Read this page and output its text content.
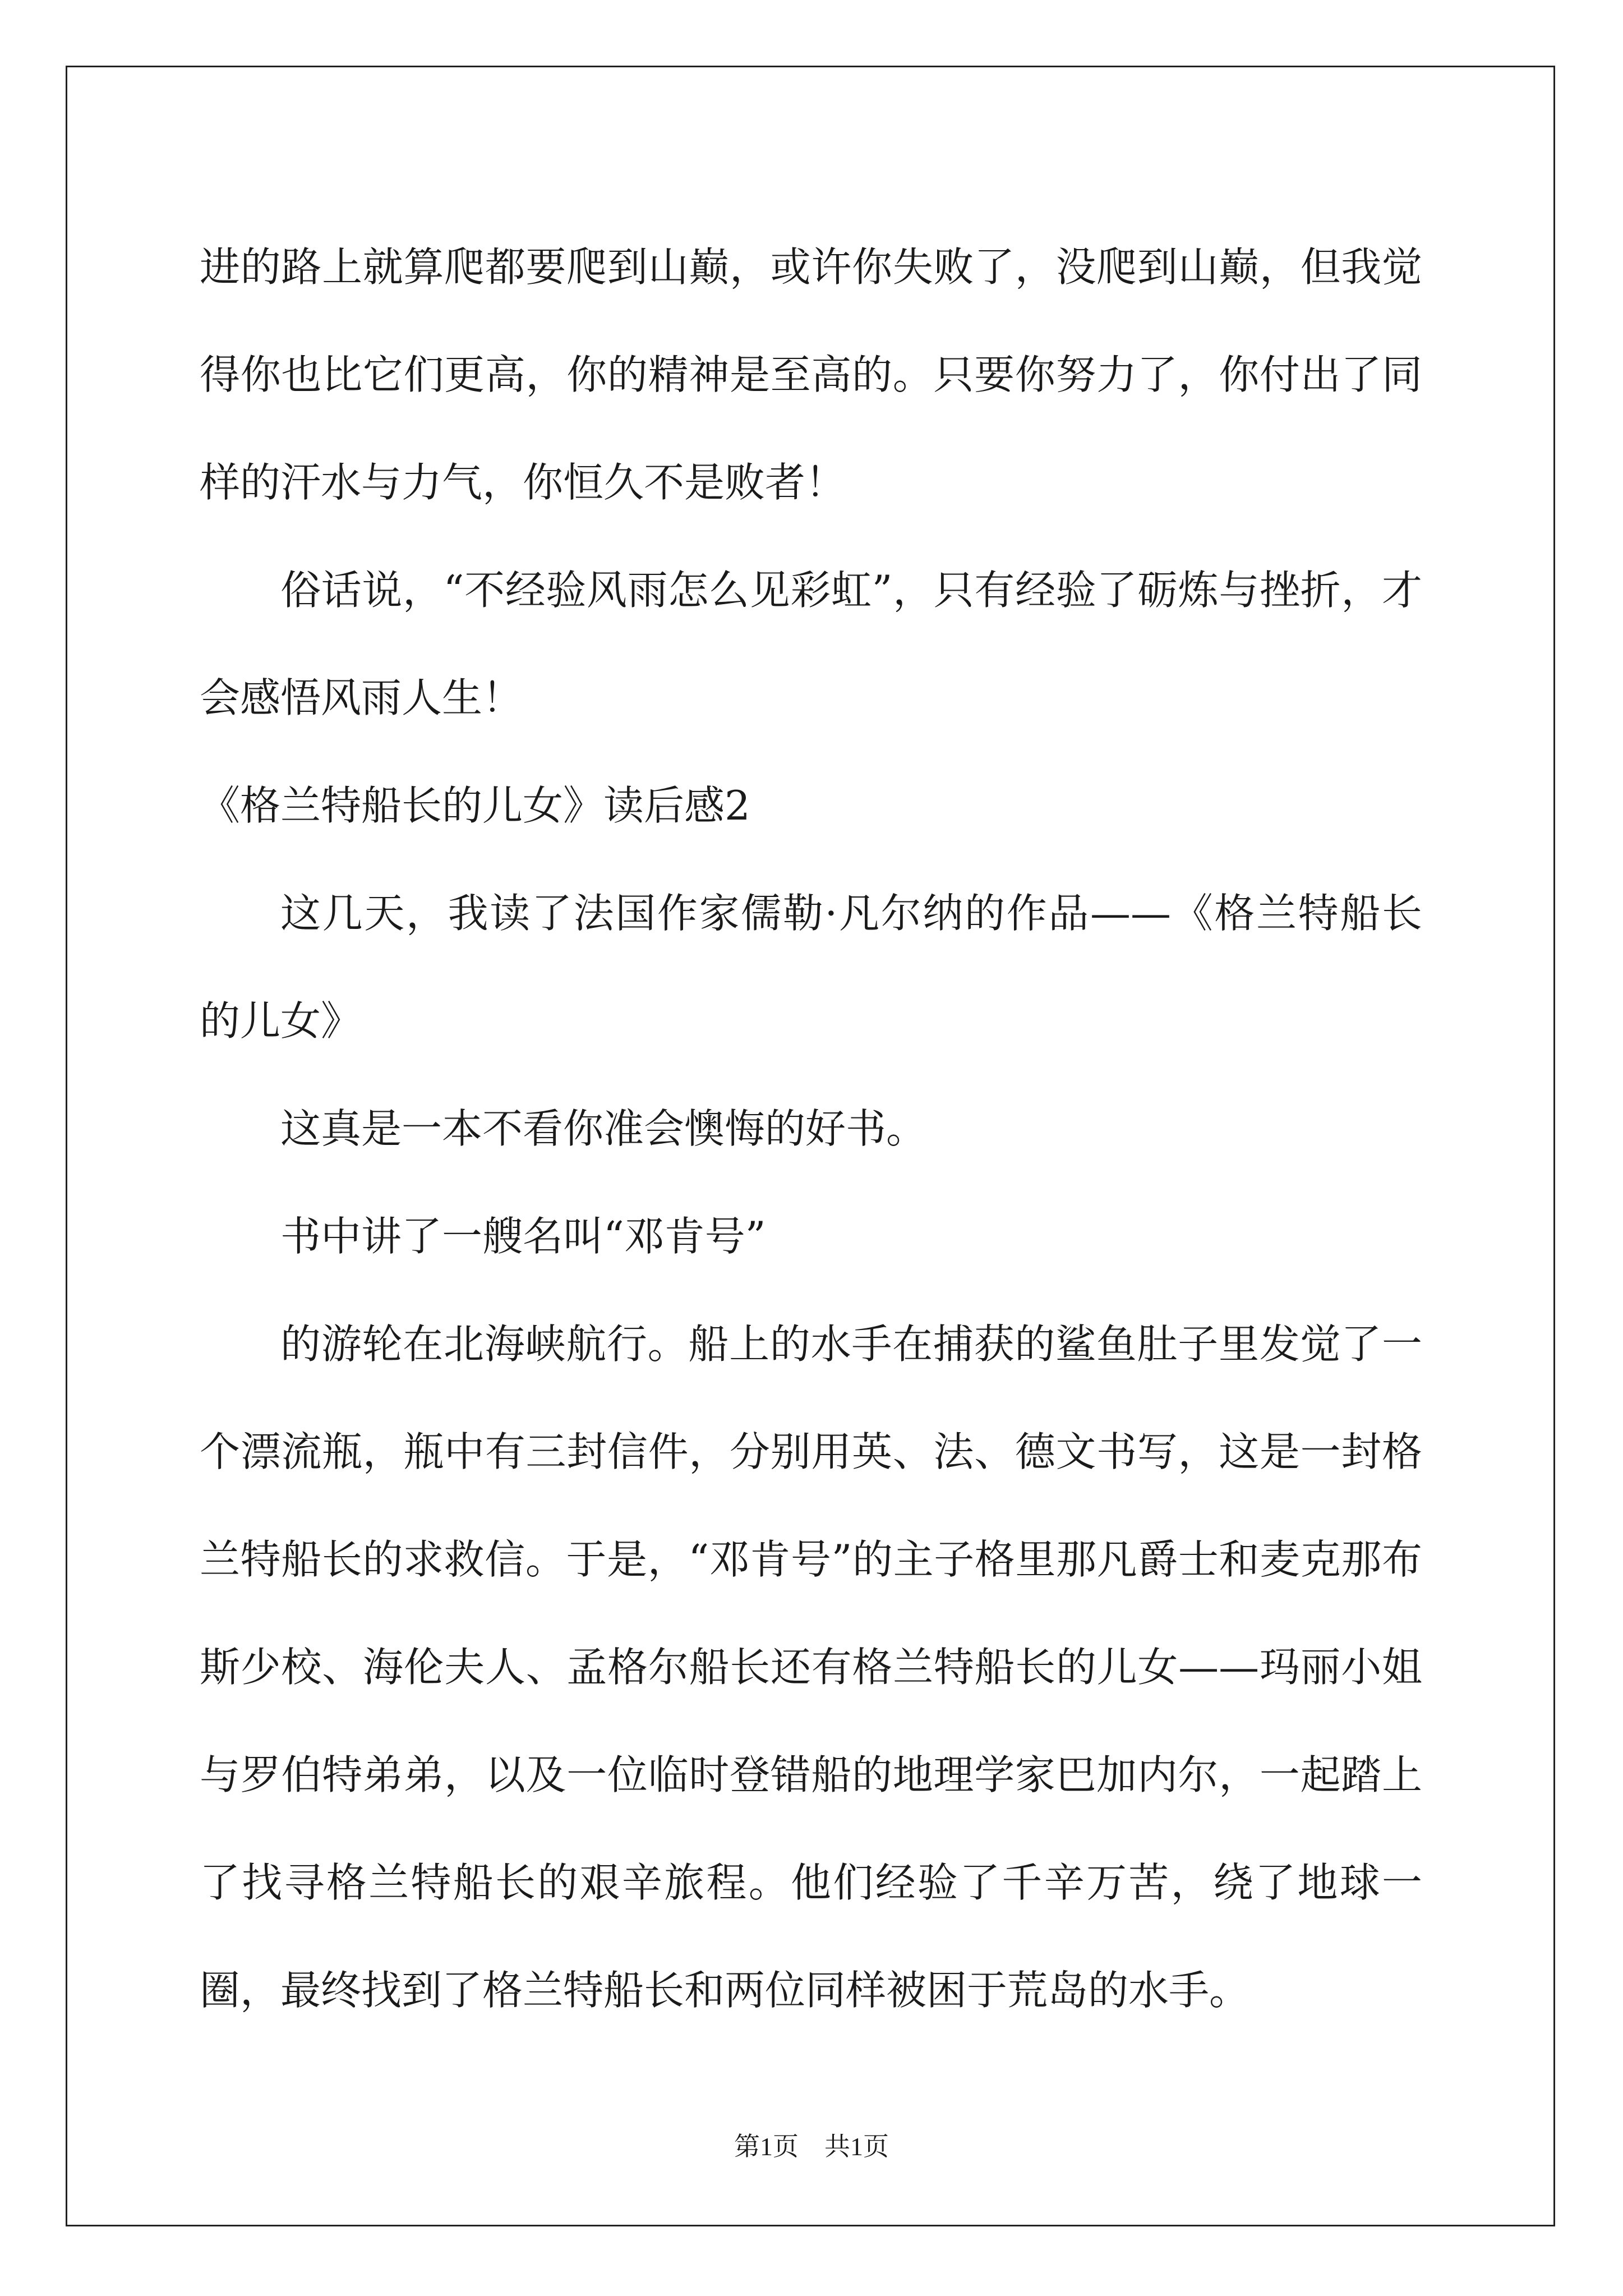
进的路上就算爬都要爬到山巅，或许你失败了，没爬到山巅，但我觉得你也比它们更高，你的精神是至高的。只要你努力了，你付出了同样的汗水与力气，你恒久不是败者！

俗话说，“不经验风雨怎么见彩虹”，只有经验了砺炼与挫折，才会感悟风雨人生！

《格兰特船长的儿女》读后感2

这几天，我读了法国作家儒勒·凡尔纳的作品——《格兰特船长的儿女》

这真是一本不看你准会懊悔的好书。

书中讲了一艘名叫“邓肯号”

的游轮在北海峡航行。船上的水手在捕获的鲨鱼肚子里发觉了一个漂流瓶，瓶中有三封信件，分别用英、法、德文书写，这是一封格兰特船长的求救信。于是，“邓肯号”的主子格里那凡爵士和麦克那布斯少校、海伦夫人、孟格尔船长还有格兰特船长的儿女——玛丽小姐与罗伯特弟弟，以及一位临时登错船的地理学家巴加内尔，一起踏上了找寻格兰特船长的艰辛旅程。他们经验了千辛万苦，绕了地球一圈，最终找到了格兰特船长和两位同样被困于荒岛的水手。

第1页　共1页
